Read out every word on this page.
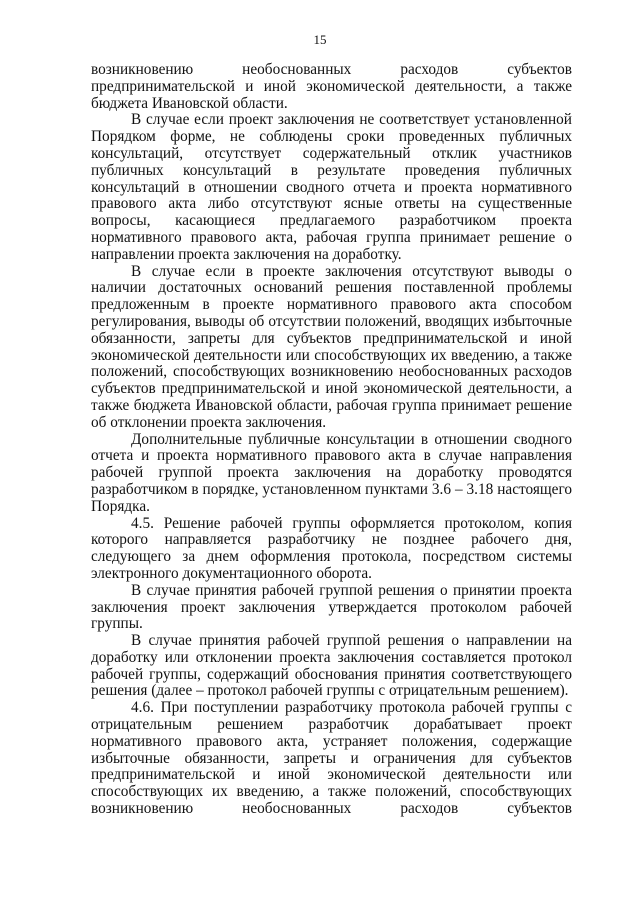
15

возникновению необоснованных расходов субъектов предпринимательской и иной экономической деятельности, а также бюджета Ивановской области.

В случае если проект заключения не соответствует установленной Порядком форме, не соблюдены сроки проведенных публичных консультаций, отсутствует содержательный отклик участников публичных консультаций в результате проведения публичных консультаций в отношении сводного отчета и проекта нормативного правового акта либо отсутствуют ясные ответы на существенные вопросы, касающиеся предлагаемого разработчиком проекта нормативного правового акта, рабочая группа принимает решение о направлении проекта заключения на доработку.

В случае если в проекте заключения отсутствуют выводы о наличии достаточных оснований решения поставленной проблемы предложенным в проекте нормативного правового акта способом регулирования, выводы об отсутствии положений, вводящих избыточные обязанности, запреты для субъектов предпринимательской и иной экономической деятельности или способствующих их введению, а также положений, способствующих возникновению необоснованных расходов субъектов предпринимательской и иной экономической деятельности, а также бюджета Ивановской области, рабочая группа принимает решение об отклонении проекта заключения.

Дополнительные публичные консультации в отношении сводного отчета и проекта нормативного правового акта в случае направления рабочей группой проекта заключения на доработку проводятся разработчиком в порядке, установленном пунктами 3.6 – 3.18 настоящего Порядка.

4.5. Решение рабочей группы оформляется протоколом, копия которого направляется разработчику не позднее рабочего дня, следующего за днем оформления протокола, посредством системы электронного документационного оборота.

В случае принятия рабочей группой решения о принятии проекта заключения проект заключения утверждается протоколом рабочей группы.

В случае принятия рабочей группой решения о направлении на доработку или отклонении проекта заключения составляется протокол рабочей группы, содержащий обоснования принятия соответствующего решения (далее – протокол рабочей группы с отрицательным решением).

4.6. При поступлении разработчику протокола рабочей группы с отрицательным решением разработчик дорабатывает проект нормативного правового акта, устраняет положения, содержащие избыточные обязанности, запреты и ограничения для субъектов предпринимательской и иной экономической деятельности или способствующих их введению, а также положений, способствующих возникновению необоснованных расходов субъектов
